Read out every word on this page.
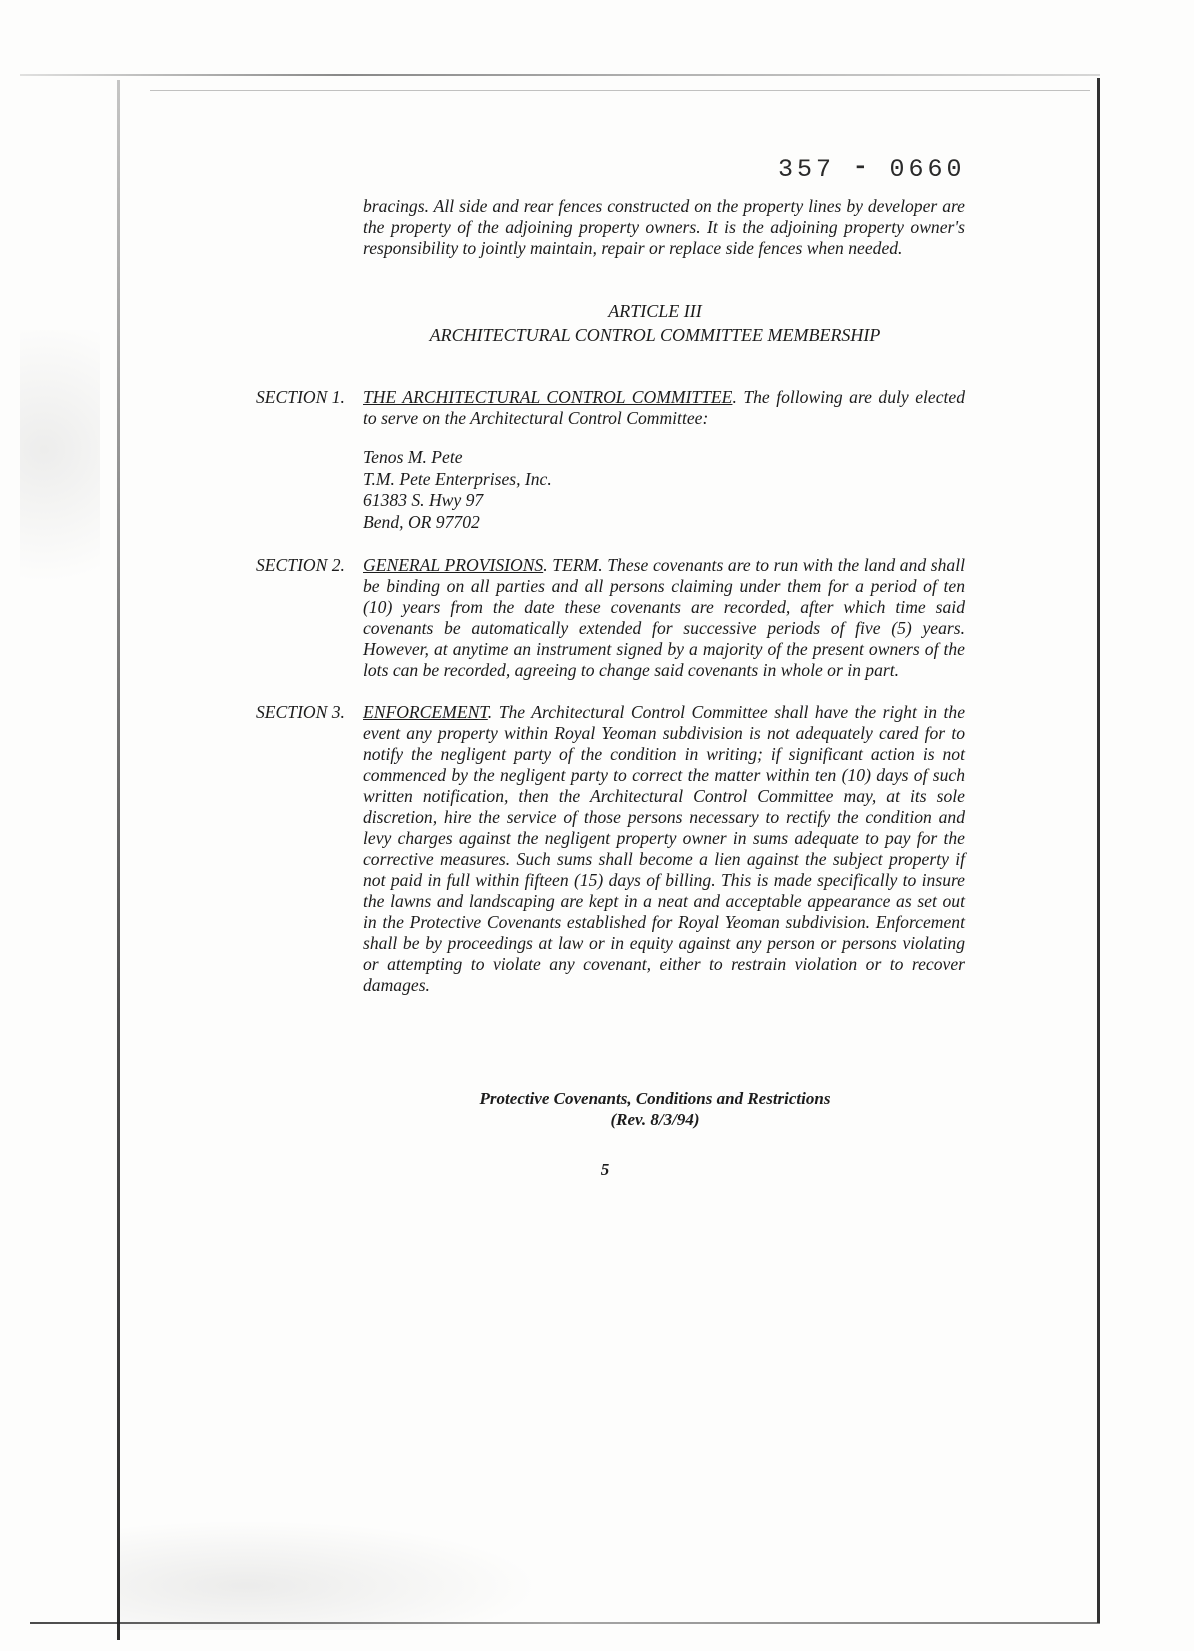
357 ⁃ 0660

bracings. All side and rear fences constructed on the property lines by developer are the property of the adjoining property owners. It is the adjoining property owner's responsibility to jointly maintain, repair or replace side fences when needed.

ARTICLE III
ARCHITECTURAL CONTROL COMMITTEE MEMBERSHIP
SECTION 1. THE ARCHITECTURAL CONTROL COMMITTEE. The following are duly elected to serve on the Architectural Control Committee:
Tenos M. Pete
T.M. Pete Enterprises, Inc.
61383 S. Hwy 97
Bend, OR 97702
SECTION 2. GENERAL PROVISIONS. TERM. These covenants are to run with the land and shall be binding on all parties and all persons claiming under them for a period of ten (10) years from the date these covenants are recorded, after which time said covenants be automatically extended for successive periods of five (5) years. However, at anytime an instrument signed by a majority of the present owners of the lots can be recorded, agreeing to change said covenants in whole or in part.
SECTION 3. ENFORCEMENT. The Architectural Control Committee shall have the right in the event any property within Royal Yeoman subdivision is not adequately cared for to notify the negligent party of the condition in writing; if significant action is not commenced by the negligent party to correct the matter within ten (10) days of such written notification, then the Architectural Control Committee may, at its sole discretion, hire the service of those persons necessary to rectify the condition and levy charges against the negligent property owner in sums adequate to pay for the corrective measures. Such sums shall become a lien against the subject property if not paid in full within fifteen (15) days of billing. This is made specifically to insure the lawns and landscaping are kept in a neat and acceptable appearance as set out in the Protective Covenants established for Royal Yeoman subdivision. Enforcement shall be by proceedings at law or in equity against any person or persons violating or attempting to violate any covenant, either to restrain violation or to recover damages.
Protective Covenants, Conditions and Restrictions
(Rev. 8/3/94)
5
